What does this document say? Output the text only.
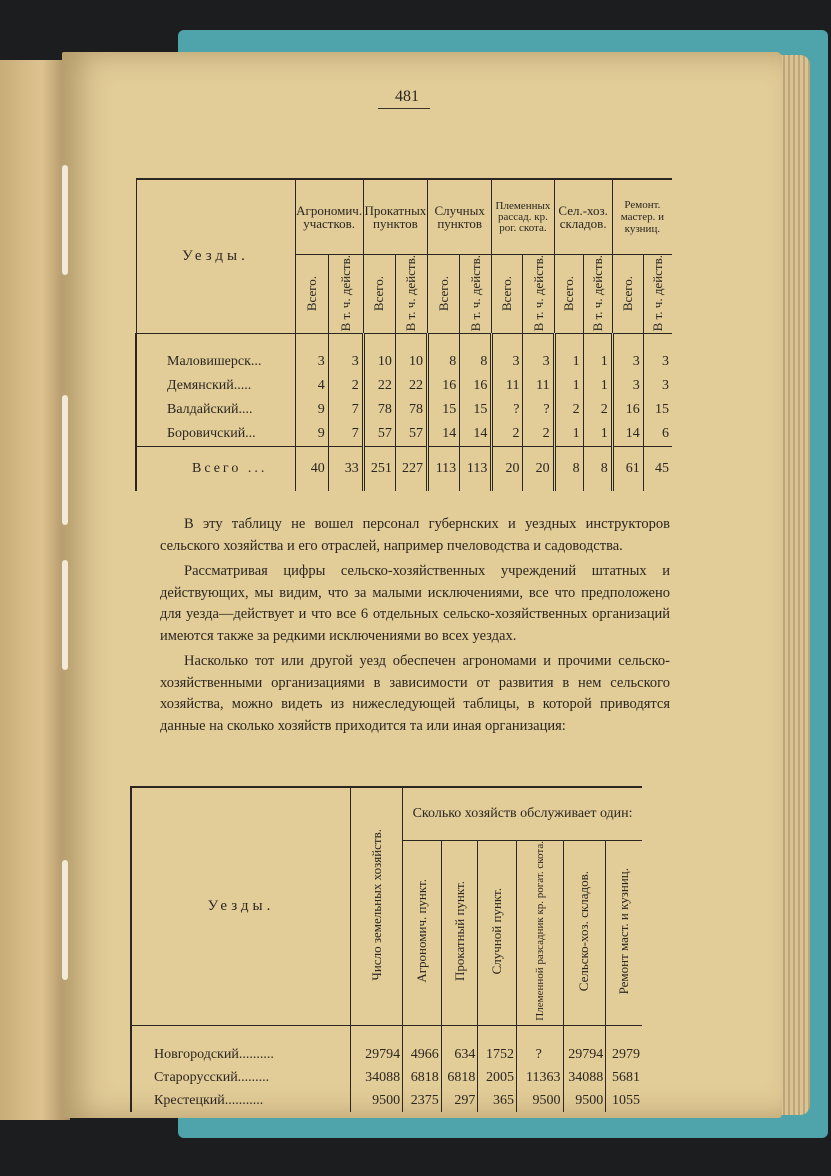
481
Уезды.	Агрономич. участков.		Прокатных пунктов		Случных пунктов		Племенных рассад. кр. рог. скота.		Сел.-хоз. складов.		Ремонт. мастер. и кузниц.	
	Всего.	В т. ч. действ.	Всего.	В т. ч. действ.	Всего.	В т. ч. действ.	Всего.	В т. ч. действ.	Всего.	В т. ч. действ.	Всего.	В т. ч. действ.

Маловишерск...	3	3	10	10	8	8	3	3	1	1	3	3
Демянский.....	4	2	22	22	16	16	11	11	1	1	3	3
Валдайский....	9	7	78	78	15	15	?	?	2	2	16	15
Боровичский...	9	7	57	57	14	14	2	2	1	1	14	6
Всего ...	40	33	251	227	113	113	20	20	8	8	61	45

В эту таблицу не вошел персонал губернских и уездных инструкторов сельского хозяйства и его отраслей, например пчеловодства и садоводства.

Рассматривая цифры сельско-хозяйственных учреждений штатных и действующих, мы видим, что за малыми исключениями, все что предположено для уезда—действует и что все 6 отдельных сельско-хозяйственных организаций имеются также за редкими исключениями во всех уездах.

Насколько тот или другой уезд обеспечен агрономами и прочими сельско-хозяйственными организациями в зависимости от развития в нем сельского хозяйства, можно видеть из нижеследующей таблицы, в которой приводятся данные на сколько хозяйств приходится та или иная организация:

Уезды.	Число земельных хозяйств.	Сколько хозяйств обслуживает один:					
		Агрономич. пункт.	Прокатный пункт.	Случной пункт.	Племенной разсадник кр. рогат. скота.	Сельско-хоз. складов.	Ремонт маст. и кузниц.

Новгородский..........	29794	4966	634	1752	?	29794	2979
Старорусский.........	34088	6818	6818	2005	11363	34088	5681
Крестецкий...........	9500	2375	297	365	9500	9500	1055
